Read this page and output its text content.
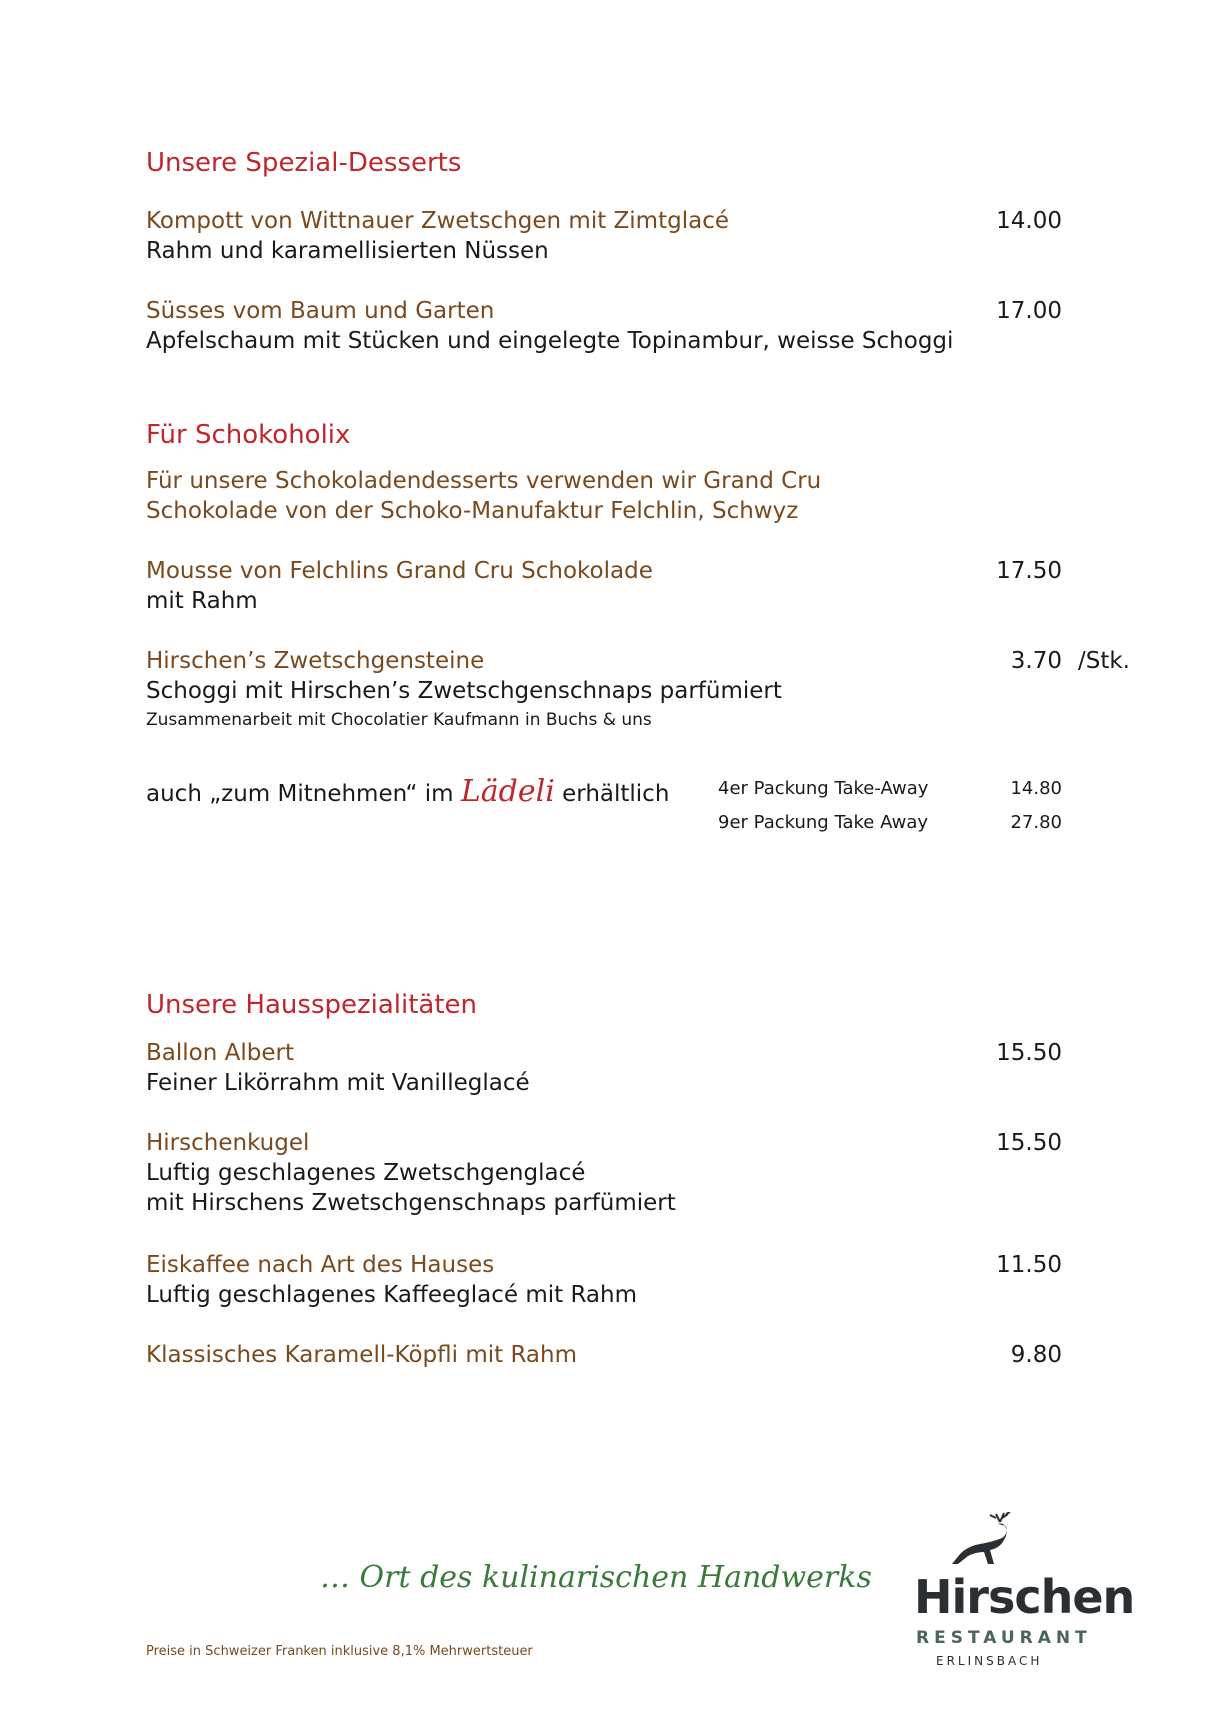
Unsere Spezial-Desserts
Kompott von Wittnauer Zwetschgen mit Zimtglacé	14.00
Rahm und karamellisierten Nüssen
Süsses vom Baum und Garten	17.00
Apfelschaum mit Stücken und eingelegte Topinambur, weisse Schoggi
Für Schokoholix
Für unsere Schokoladendesserts verwenden wir Grand Cru
Schokolade von der Schoko-Manufaktur Felchlin, Schwyz
Mousse von Felchlins Grand Cru Schokolade	17.50
mit Rahm
Hirschen’s Zwetschgensteine	3.70 /Stk.
Schoggi mit Hirschen’s Zwetschgenschnaps parfümiert
Zusammenarbeit mit Chocolatier Kaufmann in Buchs & uns
auch „zum Mitnehmen“ im Lädeli erhältlich	4er Packung Take-Away	14.80
9er Packung Take Away	27.80
Unsere Hausspezialitäten
Ballon Albert	15.50
Feiner Likörrahm mit Vanilleglacé
Hirschenkugel	15.50
Luftig geschlagenes Zwetschgenglacé
mit Hirschens Zwetschgenschnaps parfümiert
Eiskaffee nach Art des Hauses	11.50
Luftig geschlagenes Kaffeeglacé mit Rahm
Klassisches Karamell-Köpfli mit Rahm	9.80
… Ort des kulinarischen Handwerks
Preise in Schweizer Franken inklusive 8,1% Mehrwertsteuer
Hirschen
RESTAURANT
ERLINSBACH
